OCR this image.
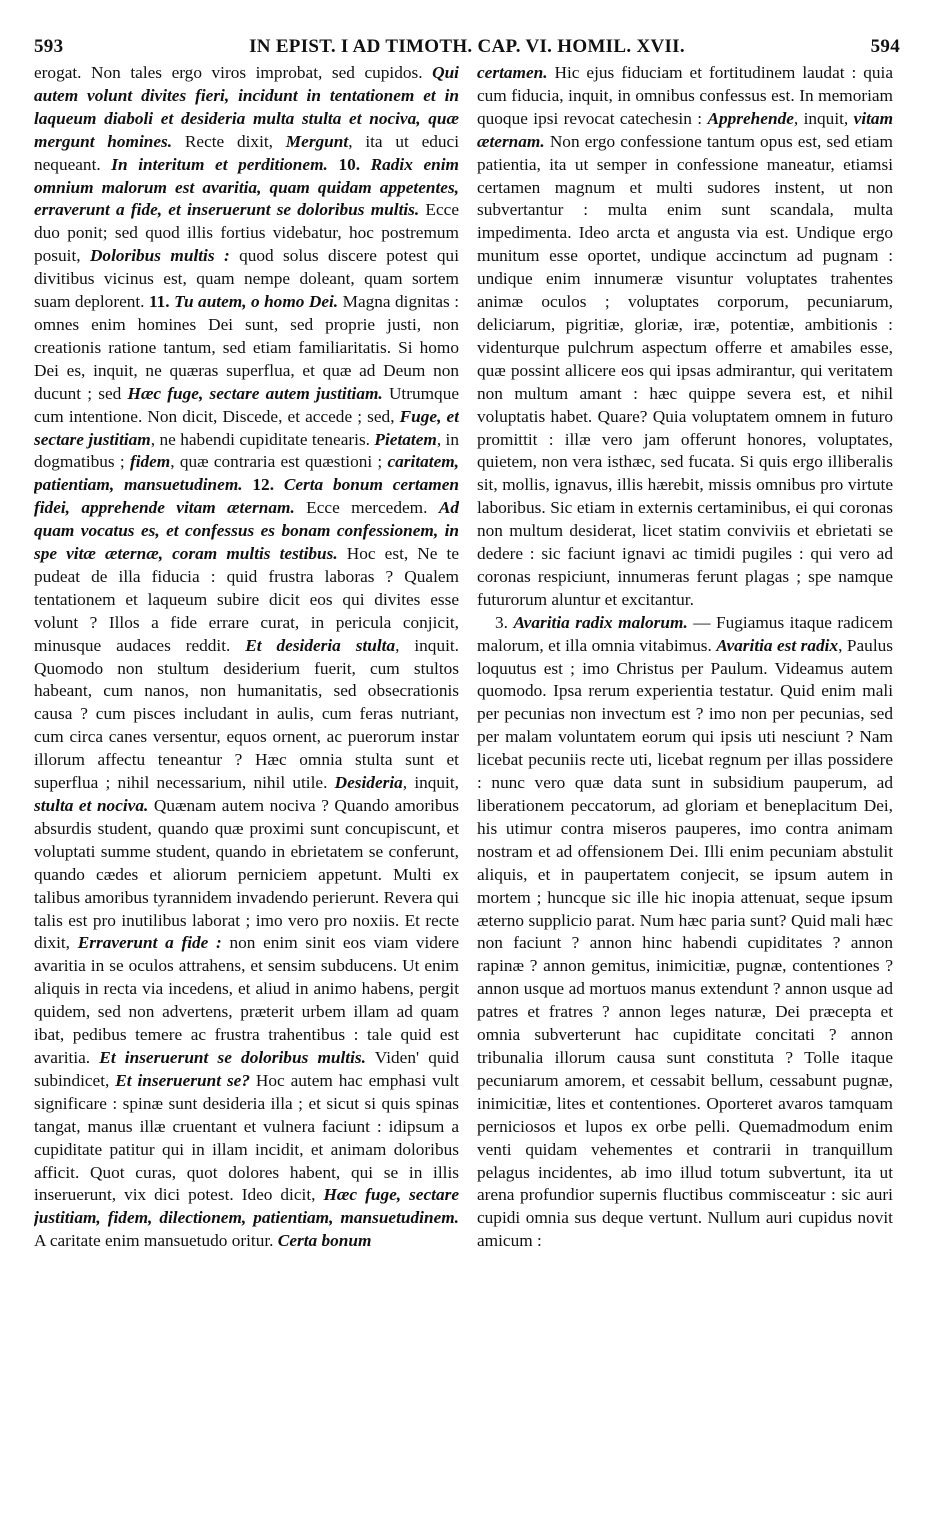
593	IN EPIST. I AD TIMOTH. CAP. VI. HOMIL. XVII.	594

erogat. Non tales ergo viros improbat, sed cupidos. Qui autem volunt divites fieri, incidunt in tentationem et in laqueum diaboli et desideria multa stulta et nociva, quæ mergunt homines. Recte dixit, Mergunt, ita ut educi nequeant. In interitum et perditionem. 10. Radix enim omnium malorum est avaritia, quam quidam appetentes, erraverunt a fide, et inseruerunt se doloribus multis. Ecce duo ponit; sed quod illis fortius videbatur, hoc postremum posuit, Doloribus multis : quod solus discere potest qui divitibus vicinus est, quam nempe doleant, quam sortem suam deplorent. 11. Tu autem, o homo Dei. Magna dignitas : omnes enim homines Dei sunt, sed proprie justi, non creationis ratione tantum, sed etiam familiaritatis. Si homo Dei es, inquit, ne quæras superflua, et quæ ad Deum non ducunt ; sed Hæc fuge, sectare autem justitiam. Utrumque cum intentione. Non dicit, Discede, et accede ; sed, Fuge, et sectare justitiam, ne habendi cupiditate tenearis. Pietatem, in dogmatibus ; fidem, quæ contraria est quæstioni ; caritatem, patientiam, mansuetudinem. 12. Certa bonum certamen fidei, apprehende vitam æternam. Ecce mercedem. Ad quam vocatus es, et confessus es bonam confessionem, in spe vitæ æternæ, coram multis testibus. Hoc est, Ne te pudeat de illa fiducia : quid frustra laboras ? Qualem tentationem et laqueum subire dicit eos qui divites esse volunt ? Illos a fide errare curat, in pericula conjicit, minusque audaces reddit. Et desideria stulta, inquit. Quomodo non stultum desiderium fuerit, cum stultos habeant, cum nanos, non humanitatis, sed obsecrationis causa ? cum pisces includant in aulis, cum feras nutriant, cum circa canes versentur, equos ornent, ac puerorum instar illorum affectu teneantur ? Hæc omnia stulta sunt et superflua ; nihil necessarium, nihil utile. Desideria, inquit, stulta et nociva. Quænam autem nociva ? Quando amoribus absurdis student, quando quæ proximi sunt concupiscunt, et voluptati summe student, quando in ebrietatem se conferunt, quando cædes et aliorum perniciem appetunt. Multi ex talibus amoribus tyrannidem invadendo perierunt. Revera qui talis est pro inutilibus laborat ; imo vero pro noxiis. Et recte dixit, Erraverunt a fide : non enim sinit eos viam videre avaritia in se oculos attrahens, et sensim subducens. Ut enim aliquis in recta via incedens, et aliud in animo habens, pergit quidem, sed non advertens, præterit urbem illam ad quam ibat, pedibus temere ac frustra trahentibus : tale quid est avaritia. Et inseruerunt se doloribus multis. Viden' quid subindicet, Et inseruerunt se? Hoc autem hac emphasi vult significare : spinæ sunt desideria illa ; et sicut si quis spinas tangat, manus illæ cruentant et vulnera faciunt : idipsum a cupiditate patitur qui in illam incidit, et animam doloribus afficit. Quot curas, quot dolores habent, qui se in illis inseruerunt, vix dici potest. Ideo dicit, Hæc fuge, sectare justitiam, fidem, dilectionem, patientiam, mansuetudinem. A caritate enim mansuetudo oritur. Certa bonum

certamen. Hic ejus fiduciam et fortitudinem laudat : quia cum fiducia, inquit, in omnibus confessus est. In memoriam quoque ipsi revocat catechesin : Apprehende, inquit, vitam æternam. Non ergo confessione tantum opus est, sed etiam patientia, ita ut semper in confessione maneatur, etiamsi certamen magnum et multi sudores instent, ut non subvertantur : multa enim sunt scandala, multa impedimenta. Ideo arcta et angusta via est. Undique ergo munitum esse oportet, undique accinctum ad pugnam : undique enim innumeræ visuntur voluptates trahentes animæ oculos ; voluptates corporum, pecuniarum, deliciarum, pigritiæ, gloriæ, iræ, potentiæ, ambitionis : videnturque pulchrum aspectum offerre et amabiles esse, quæ possint allicere eos qui ipsas admirantur, qui veritatem non multum amant : hæc quippe severa est, et nihil voluptatis habet. Quare? Quia voluptatem omnem in futuro promittit : illæ vero jam offerunt honores, voluptates, quietem, non vera isthæc, sed fucata. Si quis ergo illiberalis sit, mollis, ignavus, illis hærebit, missis omnibus pro virtute laboribus. Sic etiam in externis certaminibus, ei qui coronas non multum desiderat, licet statim conviviis et ebrietati se dedere : sic faciunt ignavi ac timidi pugiles : qui vero ad coronas respiciunt, innumeras ferunt plagas ; spe namque futurorum aluntur et excitantur.

3. Avaritia radix malorum. — Fugiamus itaque radicem malorum, et illa omnia vitabimus. Avaritia est radix, Paulus loquutus est ; imo Christus per Paulum. Videamus autem quomodo. Ipsa rerum experientia testatur. Quid enim mali per pecunias non invectum est ? imo non per pecunias, sed per malam voluntatem eorum qui ipsis uti nesciunt ? Nam licebat pecuniis recte uti, licebat regnum per illas possidere : nunc vero quæ data sunt in subsidium pauperum, ad liberationem peccatorum, ad gloriam et beneplacitum Dei, his utimur contra miseros pauperes, imo contra animam nostram et ad offensionem Dei. Illi enim pecuniam abstulit aliquis, et in paupertatem conjecit, se ipsum autem in mortem ; huncque sic ille hic inopia attenuat, seque ipsum æterno supplicio parat. Num hæc paria sunt? Quid mali hæc non faciunt ? annon hinc habendi cupiditates ? annon rapinæ ? annon gemitus, inimicitiæ, pugnæ, contentiones ? annon usque ad mortuos manus extendunt ? annon usque ad patres et fratres ? annon leges naturæ, Dei præcepta et omnia subverterunt hac cupiditate concitati ? annon tribunalia illorum causa sunt constituta ? Tolle itaque pecuniarum amorem, et cessabit bellum, cessabunt pugnæ, inimicitiæ, lites et contentiones. Oporteret avaros tamquam perniciosos et lupos ex orbe pelli. Quemadmodum enim venti quidam vehementes et contrarii in tranquillum pelagus incidentes, ab imo illud totum subvertunt, ita ut arena profundior supernis fluctibus commisceatur : sic auri cupidi omnia sus deque vertunt. Nullum auri cupidus novit amicum :
